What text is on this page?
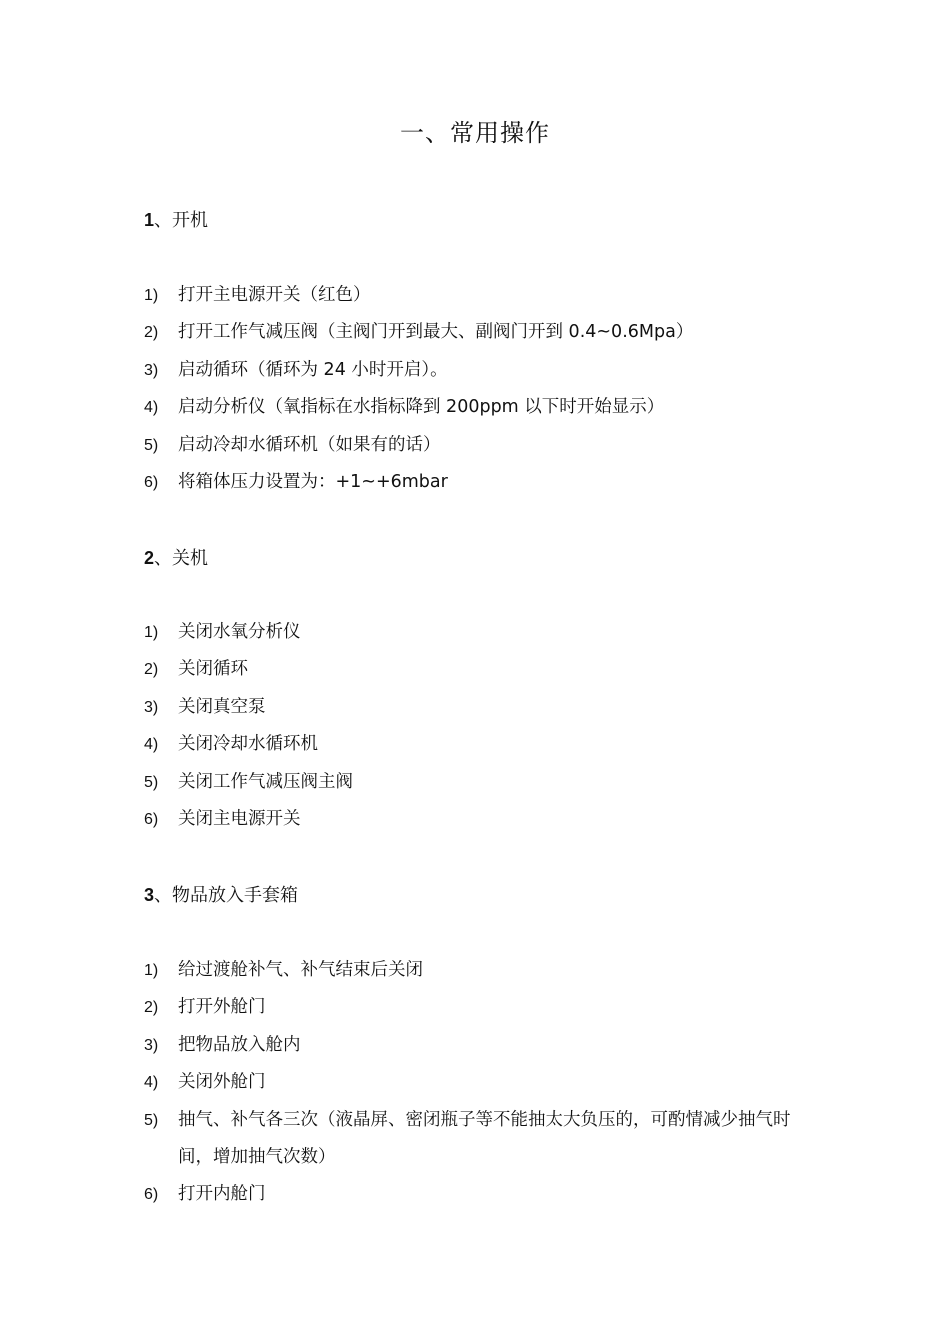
一、常用操作
1、开机
1) 打开主电源开关（红色）
2) 打开工作气减压阀（主阀门开到最大、副阀门开到 0.4~0.6Mpa）
3) 启动循环（循环为 24 小时开启）。
4) 启动分析仪（氧指标在水指标降到 200ppm 以下时开始显示）
5) 启动冷却水循环机（如果有的话）
6) 将箱体压力设置为：+1~+6mbar
2、关机
1) 关闭水氧分析仪
2) 关闭循环
3) 关闭真空泵
4) 关闭冷却水循环机
5) 关闭工作气减压阀主阀
6) 关闭主电源开关
3、物品放入手套箱
1) 给过渡舱补气、补气结束后关闭
2) 打开外舱门
3) 把物品放入舱内
4) 关闭外舱门
5) 抽气、补气各三次（液晶屏、密闭瓶子等不能抽太大负压的，可酌情减少抽气时间，增加抽气次数）
6) 打开内舱门
